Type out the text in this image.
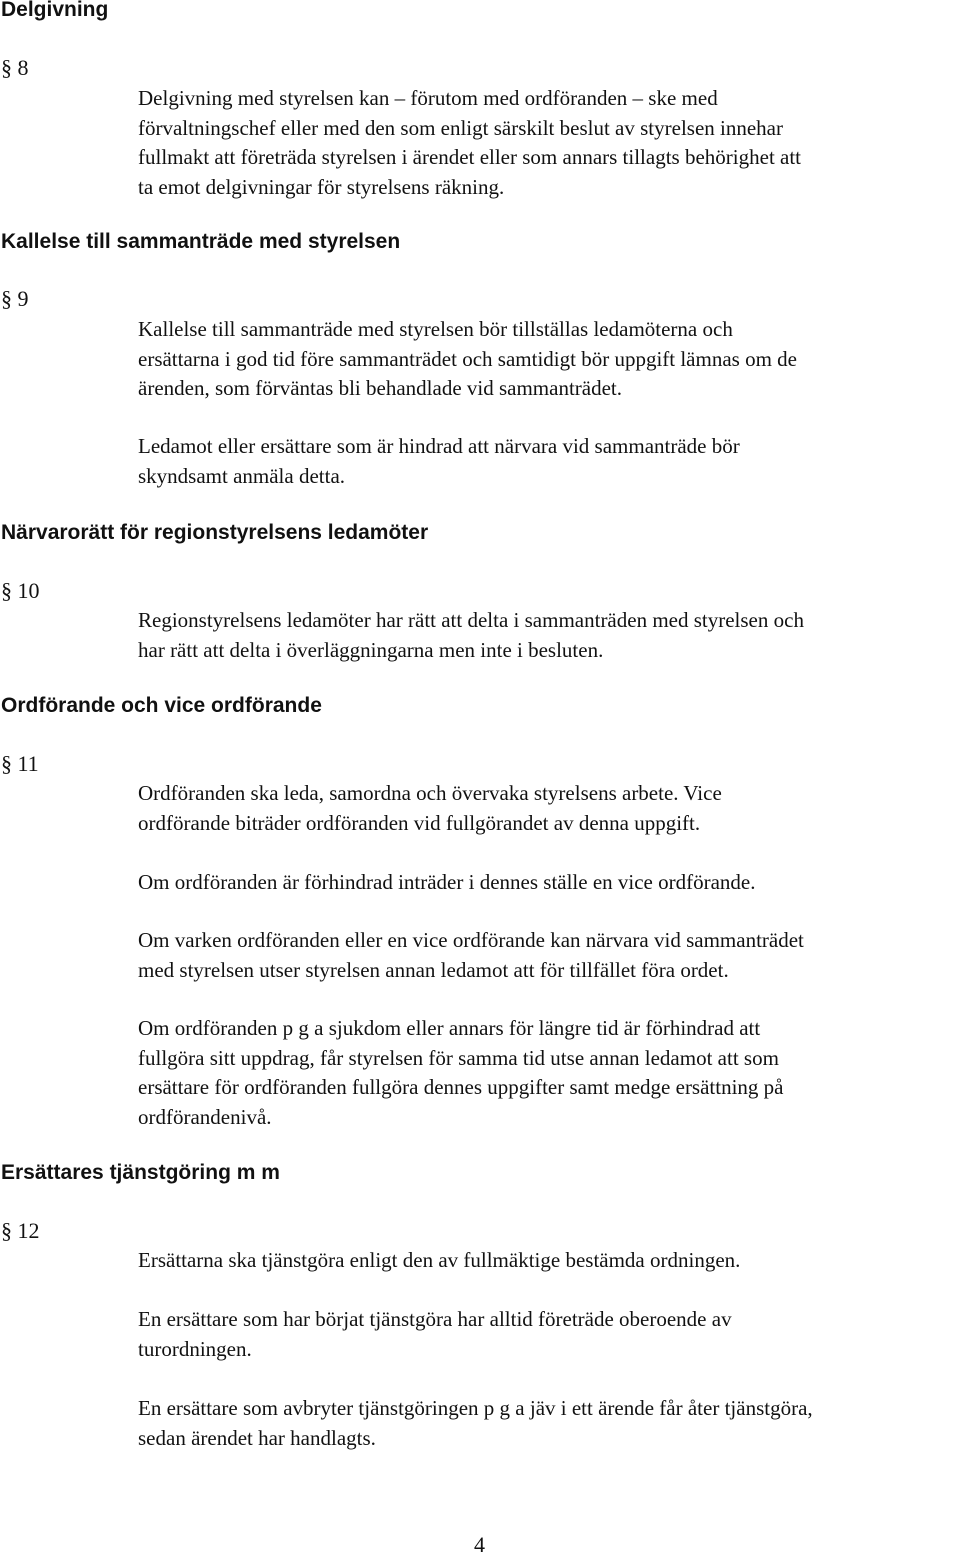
Delgivning
§ 8
Delgivning med styrelsen kan – förutom med ordföranden – ske med
förvaltningschef eller med den som enligt särskilt beslut av styrelsen innehar
fullmakt att företräda styrelsen i ärendet eller som annars tillagts behörighet att
ta emot delgivningar för styrelsens räkning.
Kallelse till sammanträde med styrelsen
§ 9
Kallelse till sammanträde med styrelsen bör tillställas ledamöterna och
ersättarna i god tid före sammanträdet och samtidigt bör uppgift lämnas om de
ärenden, som förväntas bli behandlade vid sammanträdet.
Ledamot eller ersättare som är hindrad att närvara vid sammanträde bör
skyndsamt anmäla detta.
Närvarorätt för regionstyrelsens ledamöter
§ 10
Regionstyrelsens ledamöter har rätt att delta i sammanträden med styrelsen och
har rätt att delta i överläggningarna men inte i besluten.
Ordförande och vice ordförande
§ 11
Ordföranden ska leda, samordna och övervaka styrelsens arbete. Vice
ordförande biträder ordföranden vid fullgörandet av denna uppgift.
Om ordföranden är förhindrad inträder i dennes ställe en vice ordförande.
Om varken ordföranden eller en vice ordförande kan närvara vid sammanträdet
med styrelsen utser styrelsen annan ledamot att för tillfället föra ordet.
Om ordföranden p g a sjukdom eller annars för längre tid är förhindrad att
fullgöra sitt uppdrag, får styrelsen för samma tid utse annan ledamot att som
ersättare för ordföranden fullgöra dennes uppgifter samt medge ersättning på
ordförandenivå.
Ersättares tjänstgöring m m
§ 12
Ersättarna ska tjänstgöra enligt den av fullmäktige bestämda ordningen.
En ersättare som har börjat tjänstgöra har alltid företräde oberoende av
turordningen.
En ersättare som avbryter tjänstgöringen p g a jäv i ett ärende får åter tjänstgöra,
sedan ärendet har handlagts.
4
